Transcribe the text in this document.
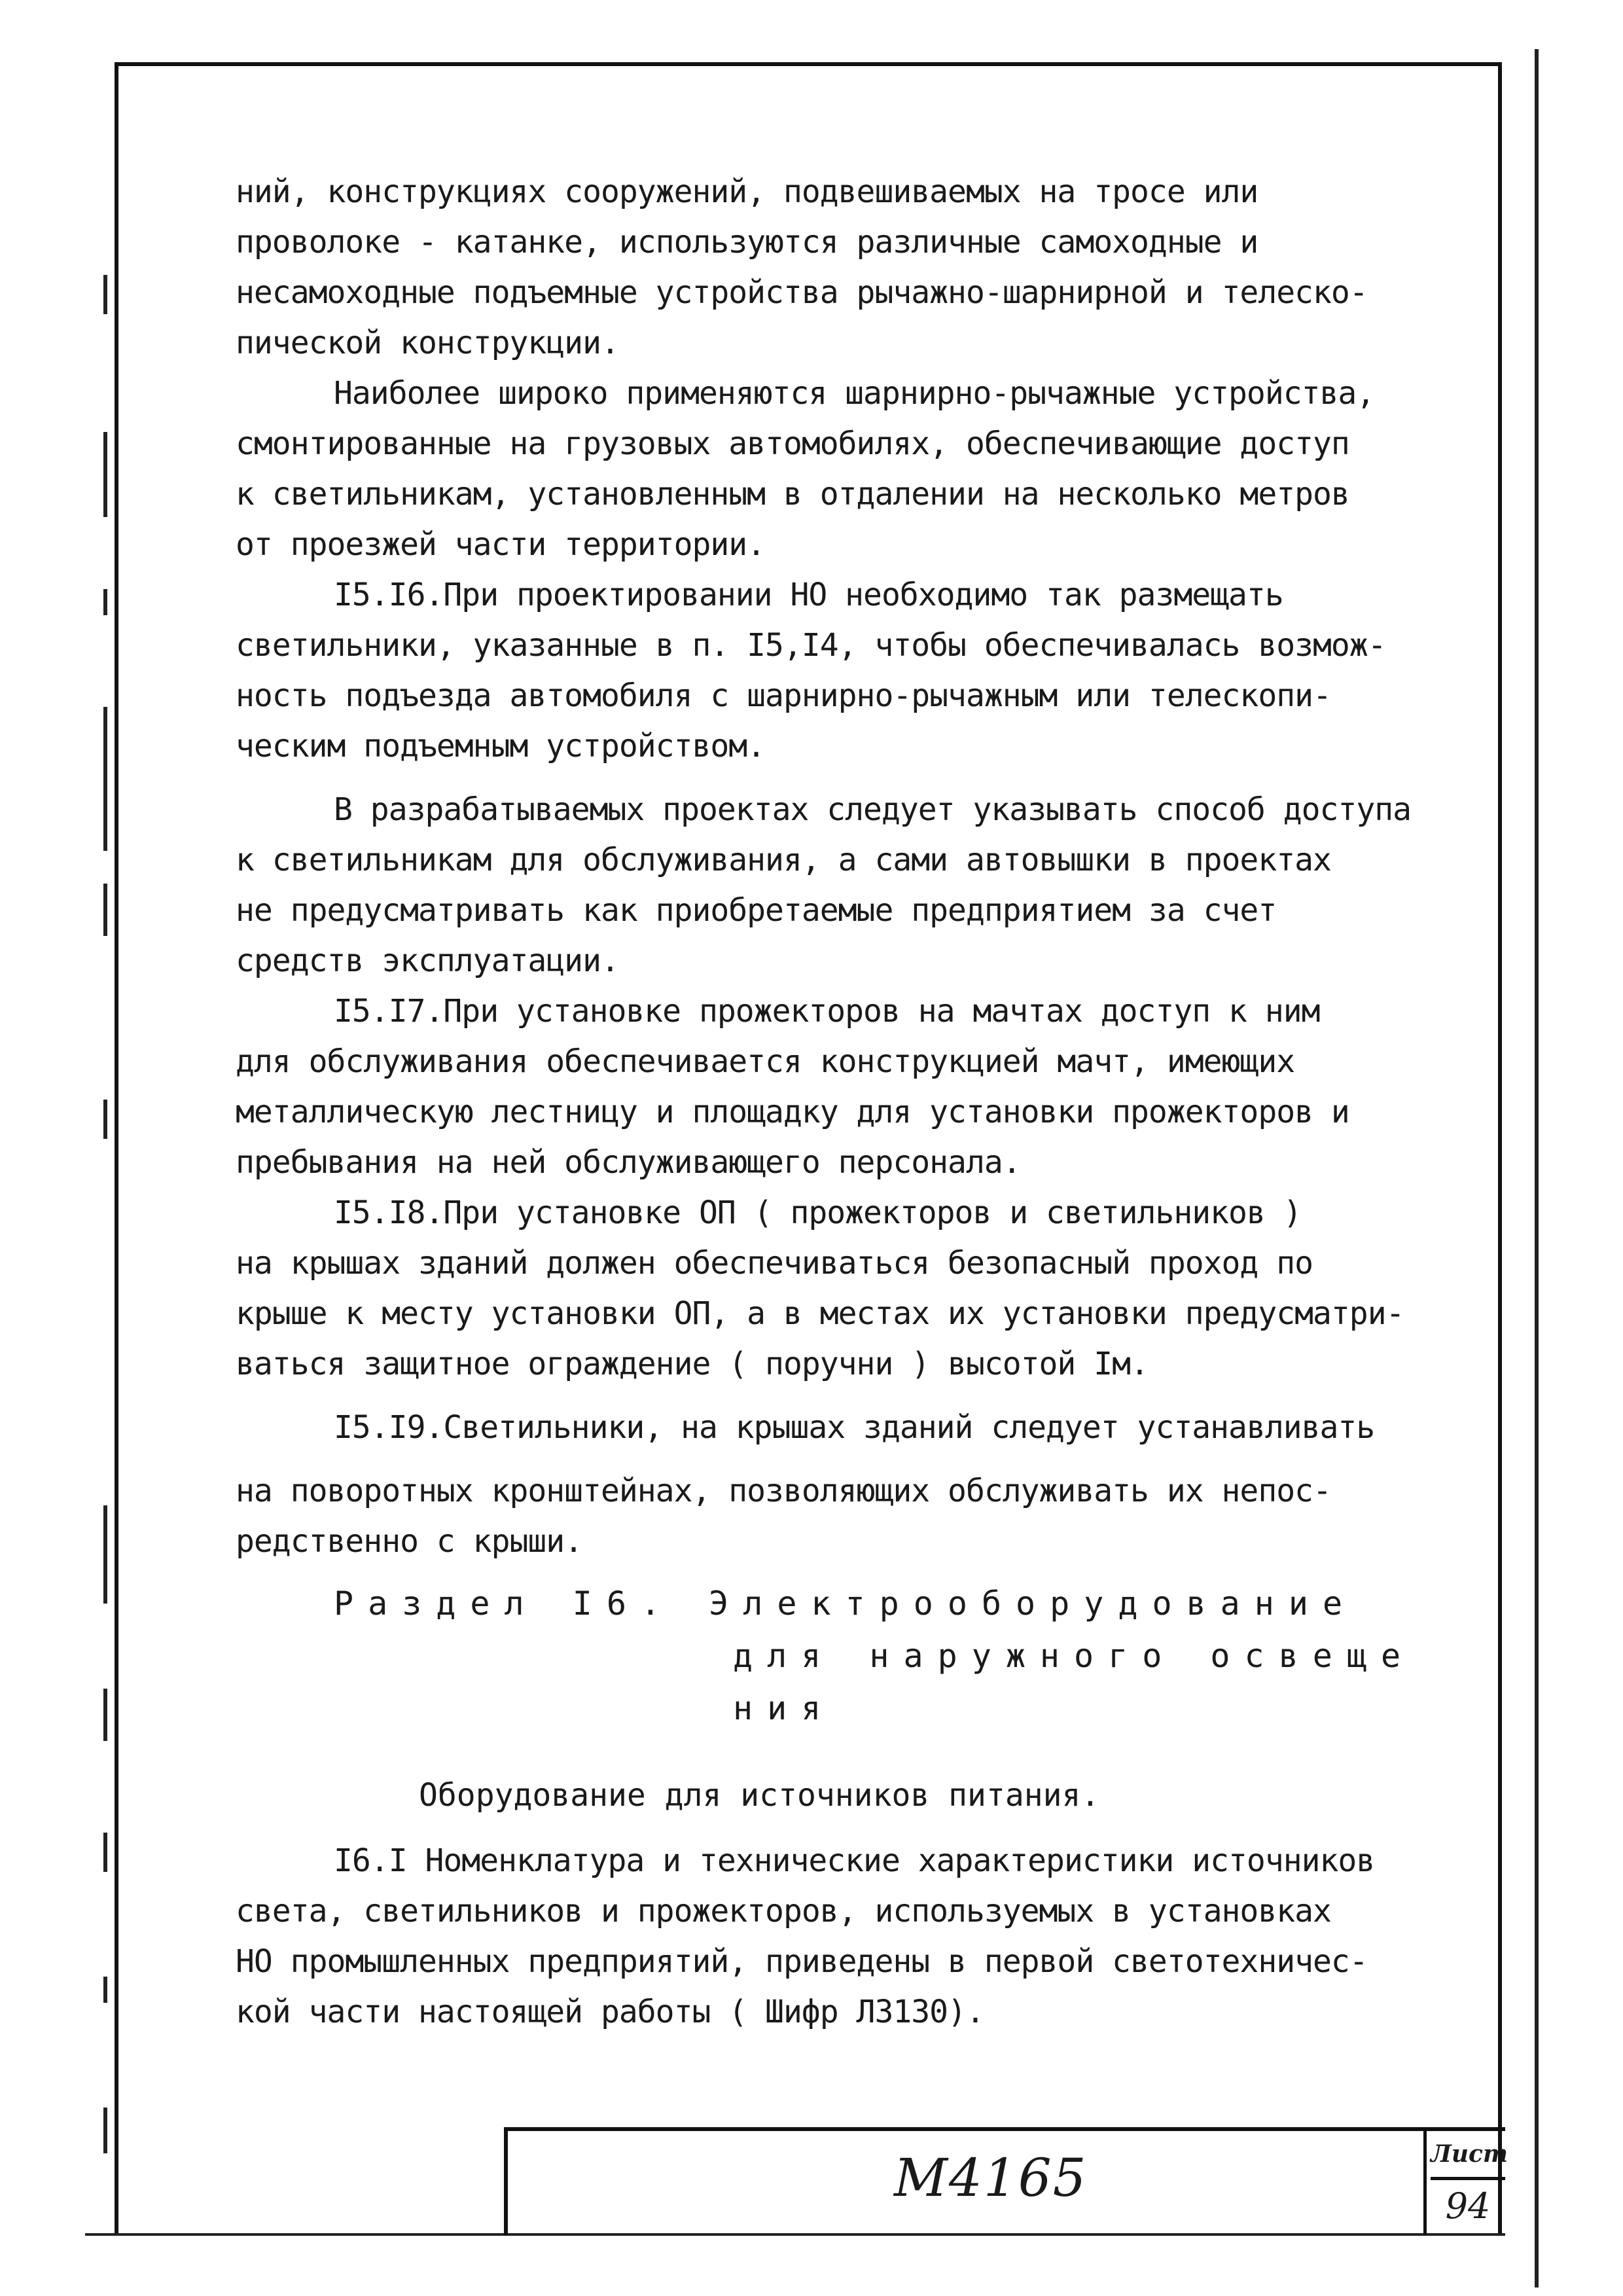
ний, конструкциях сооружений, подвешиваемых на тросе или

проволоке - катанке, используются различные самоходные и

несамоходные подъемные устройства рычажно-шарнирной и телеско-

пической конструкции.

Наиболее широко применяются шарнирно-рычажные устройства,

смонтированные на грузовых автомобилях, обеспечивающие доступ

к светильникам, установленным в отдалении на несколько метров

от проезжей части территории.

I5.I6.При проектировании НО необходимо так размещать

светильники, указанные в п. I5,I4, чтобы обеспечивалась возмож-

ность подъезда автомобиля с шарнирно-рычажным или телескопи-

ческим подъемным устройством.

В разрабатываемых проектах следует указывать способ доступа

к светильникам для обслуживания, а сами автовышки в проектах

не предусматривать как приобретаемые предприятием за счет

средств эксплуатации.

I5.I7.При установке прожекторов на мачтах доступ к ним

для обслуживания обеспечивается конструкцией мачт, имеющих

металлическую лестницу и площадку для установки прожекторов и

пребывания на ней обслуживающего персонала.

I5.I8.При установке ОП ( прожекторов и светильников )

на крышах зданий должен обеспечиваться безопасный проход по

крыше к месту установки ОП, а в местах их установки предусматри-

ваться защитное ограждение ( поручни ) высотой Iм.

I5.I9.Светильники, на крышах зданий следует устанавливать

на поворотных кронштейнах, позволяющих обслуживать их непос-

редственно с крыши.

Раздел I6. Электрооборудование
для наружного освеще
ния
Оборудование для источников питания.

I6.I Номенклатура и технические характеристики источников

света, светильников и прожекторов, используемых в установках

НО промышленных предприятий, приведены в первой светотехничес-

кой части настоящей работы ( Шифр Л3130).

М4165	Лист
94
